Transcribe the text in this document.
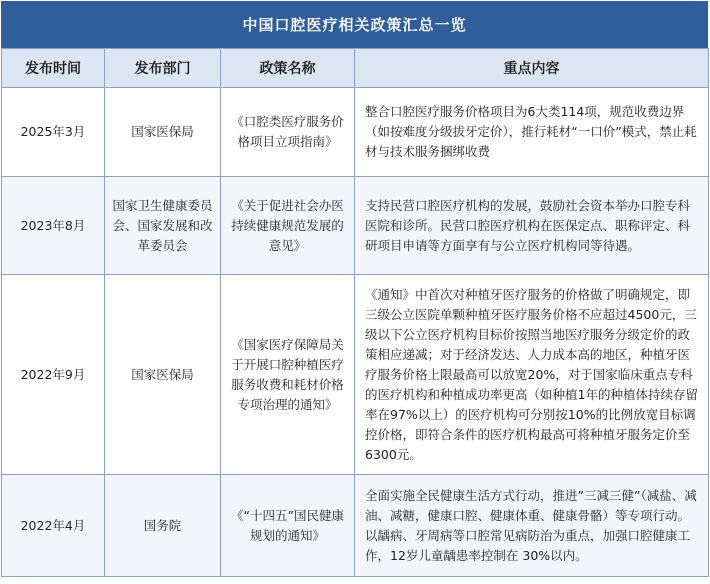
中国口腔医疗相关政策汇总一览
发布时间	发布部门	政策名称	重点内容
2025年3月	国家医保局	《口腔类医疗服务价格项目立项指南》	整合口腔医疗服务价格项目为6大类114项，规范收费边界（如按难度分级拔牙定价），推行耗材“一口价”模式，禁止耗材与技术服务捆绑收费
2023年8月	国家卫生健康委员会、国家发展和改革委员会	《关于促进社会办医持续健康规范发展的意见》	支持民营口腔医疗机构的发展，鼓励社会资本举办口腔专科医院和诊所。民营口腔医疗机构在医保定点、职称评定、科研项目申请等方面享有与公立医疗机构同等待遇。
2022年9月	国家医保局	《国家医疗保障局关于开展口腔种植医疗服务收费和耗材价格专项治理的通知》	《通知》中首次对种植牙医疗服务的价格做了明确规定，即三级公立医院单颗种植牙医疗服务价格不应超过4500元，三级以下公立医疗机构目标价按照当地医疗服务分级定价的政策相应递减；对于经济发达、人力成本高的地区，种植牙医疗服务价格上限最高可以放宽20%，对于国家临床重点专科的医疗机构和种植成功率更高（如种植1年的种植体持续存留率在97%以上）的医疗机构可分别按10%的比例放宽目标调控价格，即符合条件的医疗机构最高可将种植牙服务定价至6300元。
2022年4月	国务院	《“十四五”国民健康规划的通知》	全面实施全民健康生活方式行动，推进”三减三健”（减盐、减油、减糖，健康口腔、健康体重、健康骨骼）等专项行动。以龋病、牙周病等口腔常见病防治为重点，加强口腔健康工作，12岁儿童龋患率控制在 30%以内。
